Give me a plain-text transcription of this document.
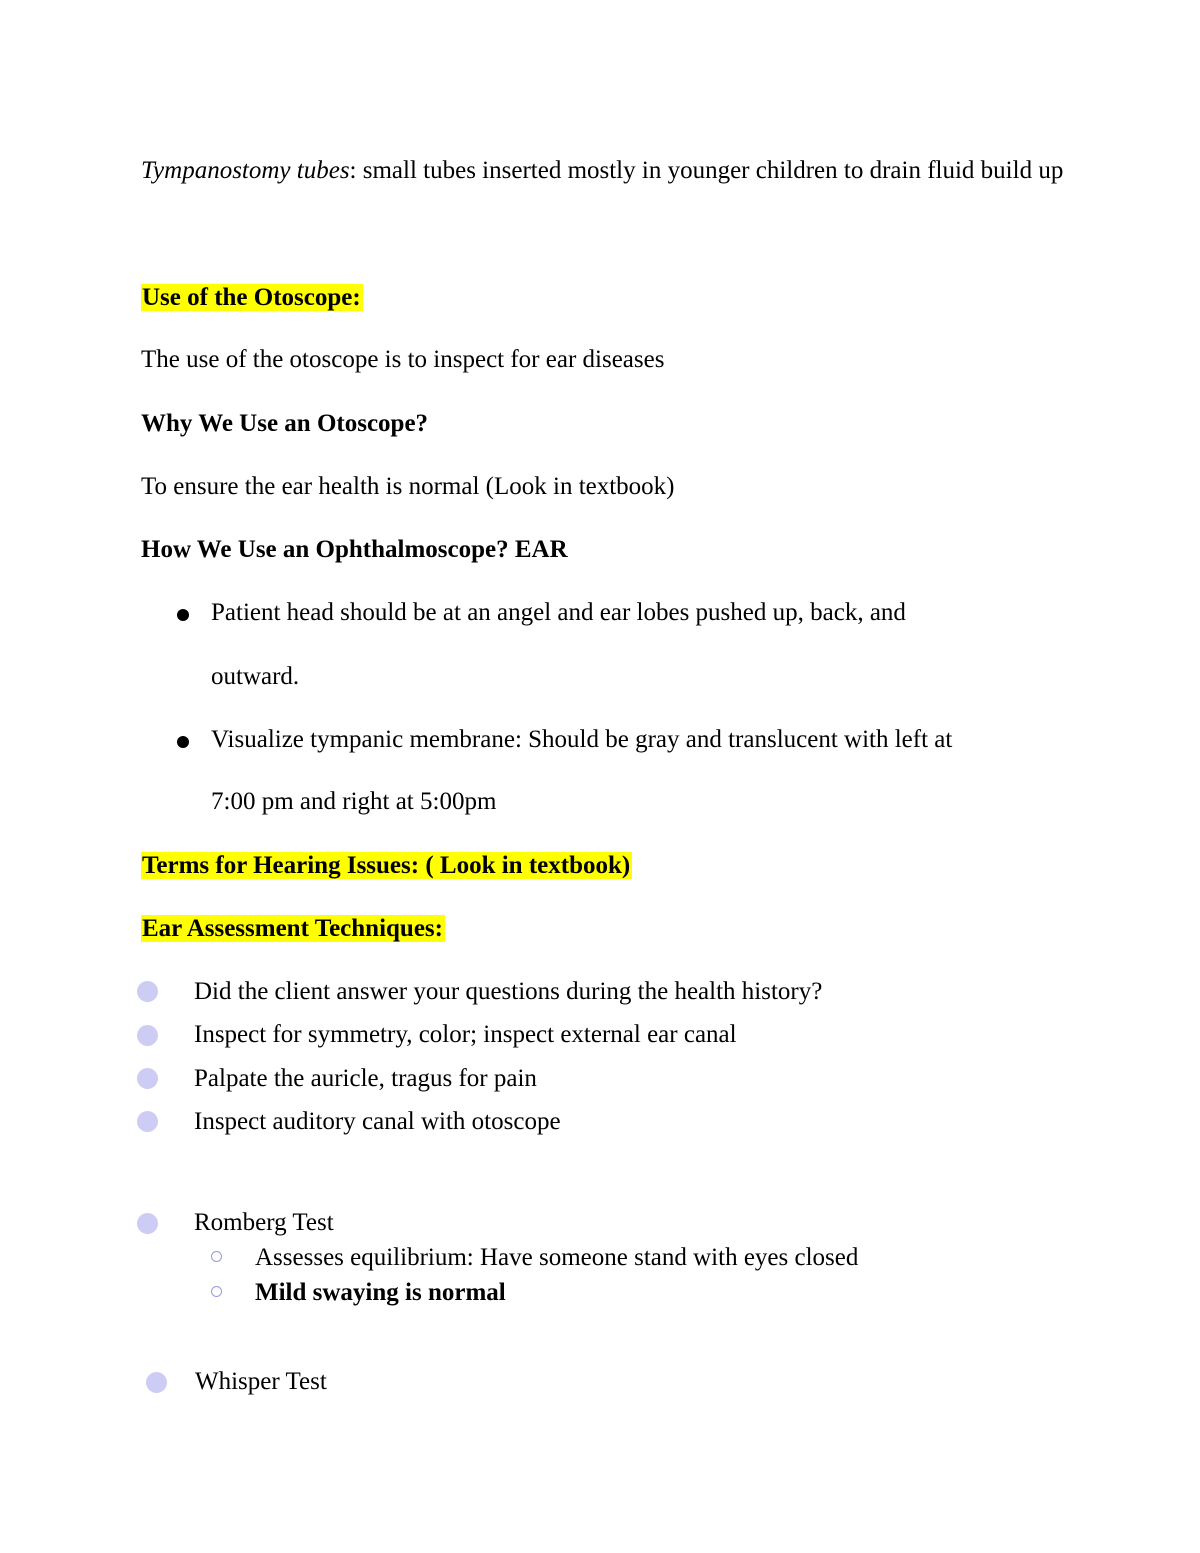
Tympanostomy tubes: small tubes inserted mostly in younger children to drain fluid build up
Use of the Otoscope:
The use of the otoscope is to inspect for ear diseases
Why We Use an Otoscope?
To ensure the ear health is normal (Look in textbook)
How We Use an Ophthalmoscope? EAR
Patient head should be at an angel and ear lobes pushed up, back, and
outward.
Visualize tympanic membrane: Should be gray and translucent with left at
7:00 pm and right at 5:00pm
Terms for Hearing Issues: ( Look in textbook)
Ear Assessment Techniques:
Did the client answer your questions during the health history?
Inspect for symmetry, color; inspect external ear canal
Palpate the auricle, tragus for pain
Inspect auditory canal with otoscope
Romberg Test
Assesses equilibrium: Have someone stand with eyes closed
Mild swaying is normal
Whisper Test
